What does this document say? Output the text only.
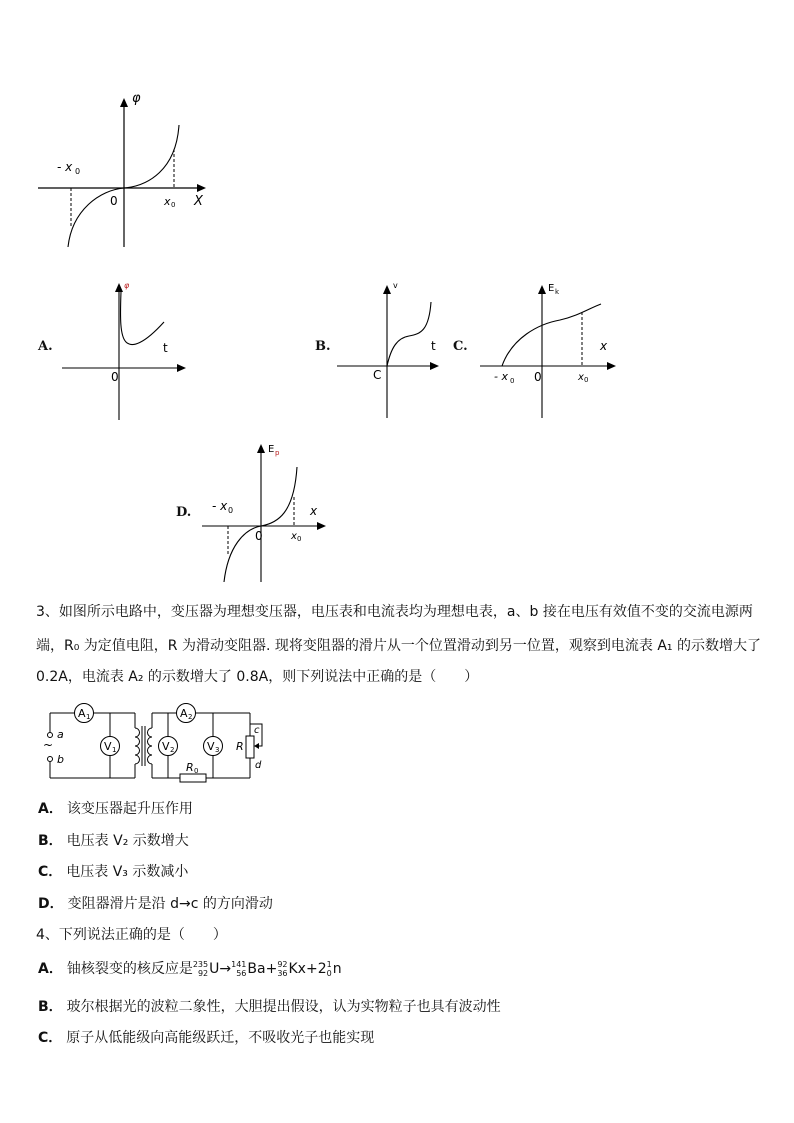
φ
- x 0
0	x 0 X
A.
φ
t
0
B.
v
t
C
C.
E k
x
- x 0 0	x 0
D.
E p
x
- x 0
0	x 0
3、如图所示电路中，变压器为理想变压器，电压表和电流表均为理想电表，a、b 接在电压有效值不变的交流电源两
端，R₀ 为定值电阻，R 为滑动变阻器. 现将变阻器的滑片从一个位置滑动到另一位置，观察到电流表 A₁ 的示数增大了
0.2A，电流表 A₂ 的示数增大了 0.8A，则下列说法中正确的是（　　）
~
a
b
A 1
V 1
A 2
V 2	V 3
R 0
R
c
d
A． 该变压器起升压作用
B． 电压表 V₂ 示数增大
C． 电压表 V₃ 示数减小
D． 变阻器滑片是沿 d→c 的方向滑动
4、下列说法正确的是（　　）
A． 铀核裂变的核反应是 235
92 U→ 141
56 Ba+ 92
36 Kx+2 1
0 n
B． 玻尔根据光的波粒二象性，大胆提出假设，认为实物粒子也具有波动性
C． 原子从低能级向高能级跃迁，不吸收光子也能实现
